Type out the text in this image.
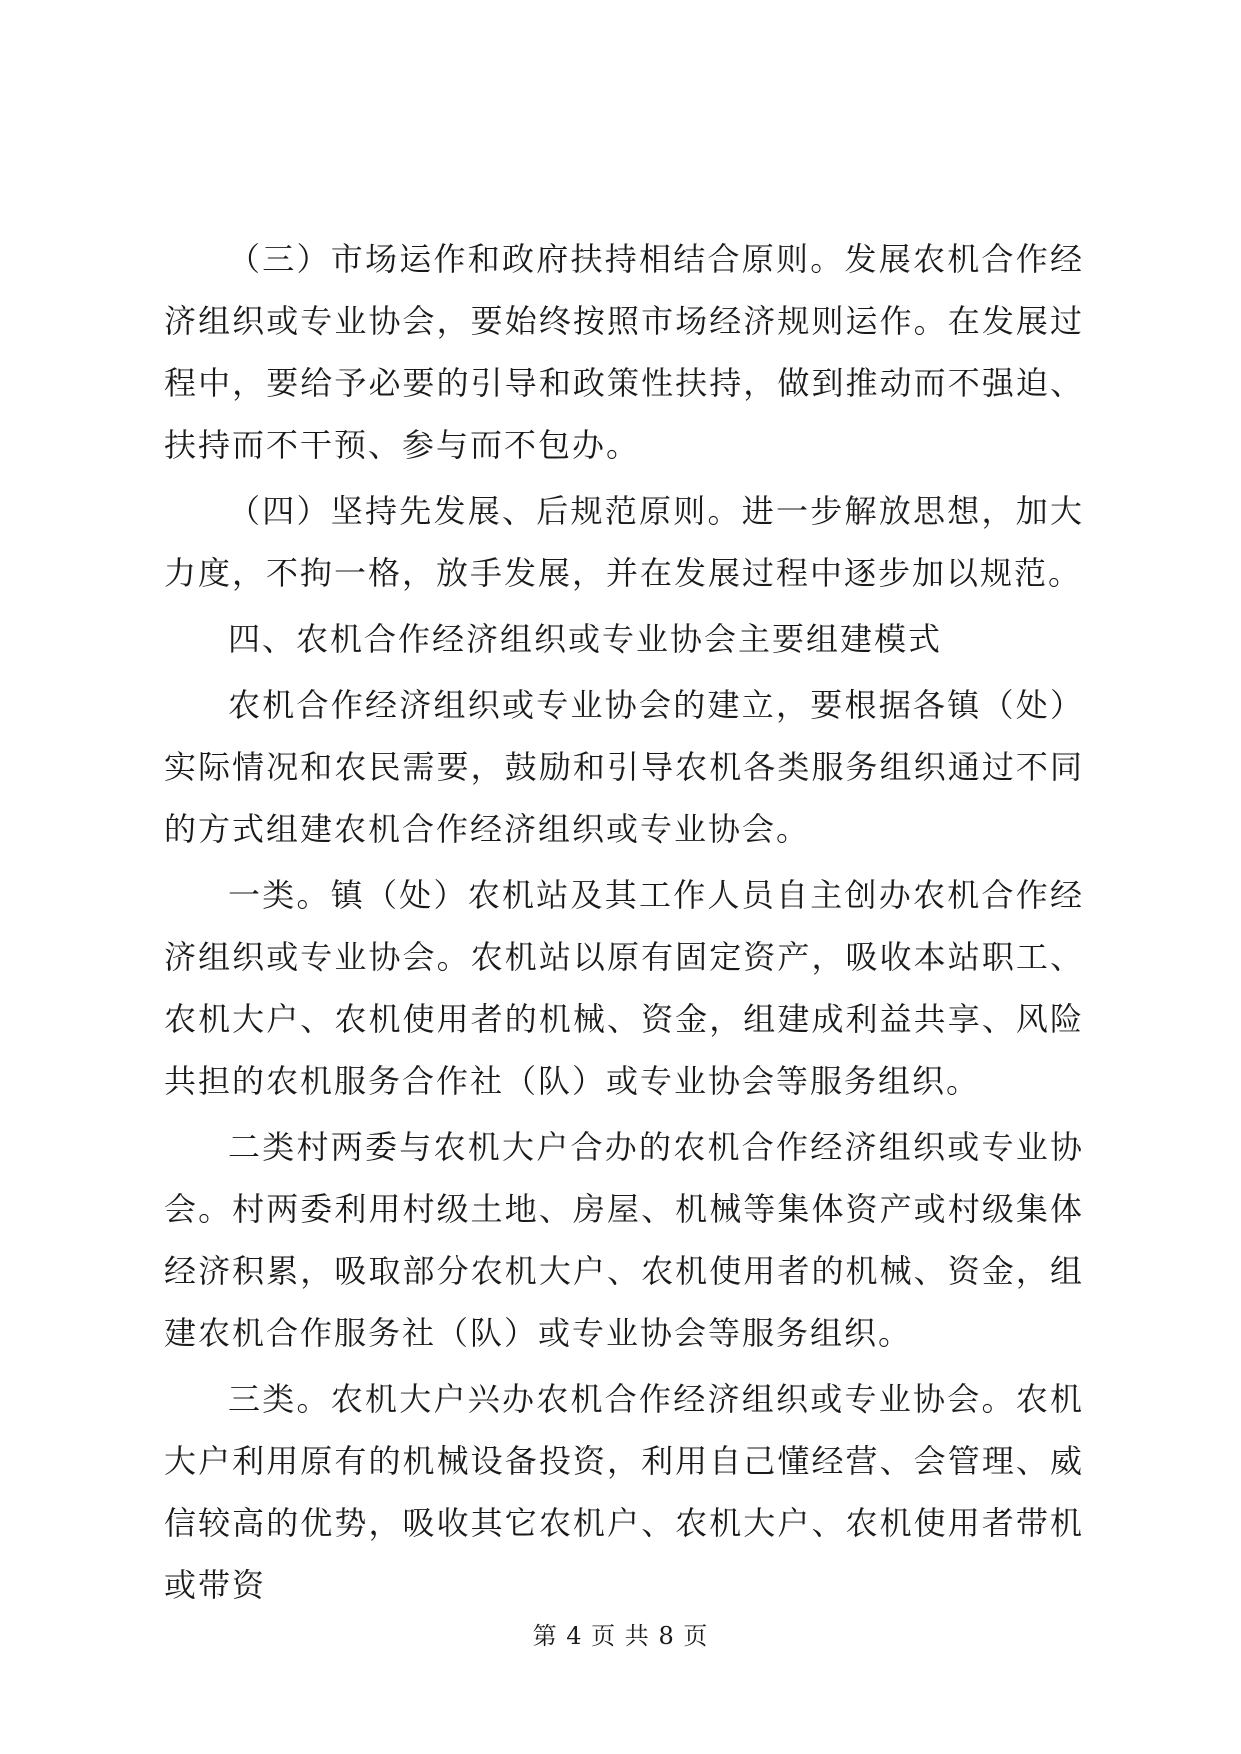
（三）市场运作和政府扶持相结合原则。发展农机合作经济组织或专业协会，要始终按照市场经济规则运作。在发展过程中，要给予必要的引导和政策性扶持，做到推动而不强迫、扶持而不干预、参与而不包办。

（四）坚持先发展、后规范原则。进一步解放思想，加大力度，不拘一格，放手发展，并在发展过程中逐步加以规范。

四、农机合作经济组织或专业协会主要组建模式

农机合作经济组织或专业协会的建立，要根据各镇（处）实际情况和农民需要，鼓励和引导农机各类服务组织通过不同的方式组建农机合作经济组织或专业协会。

一类。镇（处）农机站及其工作人员自主创办农机合作经济组织或专业协会。农机站以原有固定资产，吸收本站职工、农机大户、农机使用者的机械、资金，组建成利益共享、风险共担的农机服务合作社（队）或专业协会等服务组织。

二类村两委与农机大户合办的农机合作经济组织或专业协会。村两委利用村级土地、房屋、机械等集体资产或村级集体经济积累，吸取部分农机大户、农机使用者的机械、资金，组建农机合作服务社（队）或专业协会等服务组织。

三类。农机大户兴办农机合作经济组织或专业协会。农机大户利用原有的机械设备投资，利用自己懂经营、会管理、威信较高的优势，吸收其它农机户、农机大户、农机使用者带机或带资

第 4 页 共 8 页
